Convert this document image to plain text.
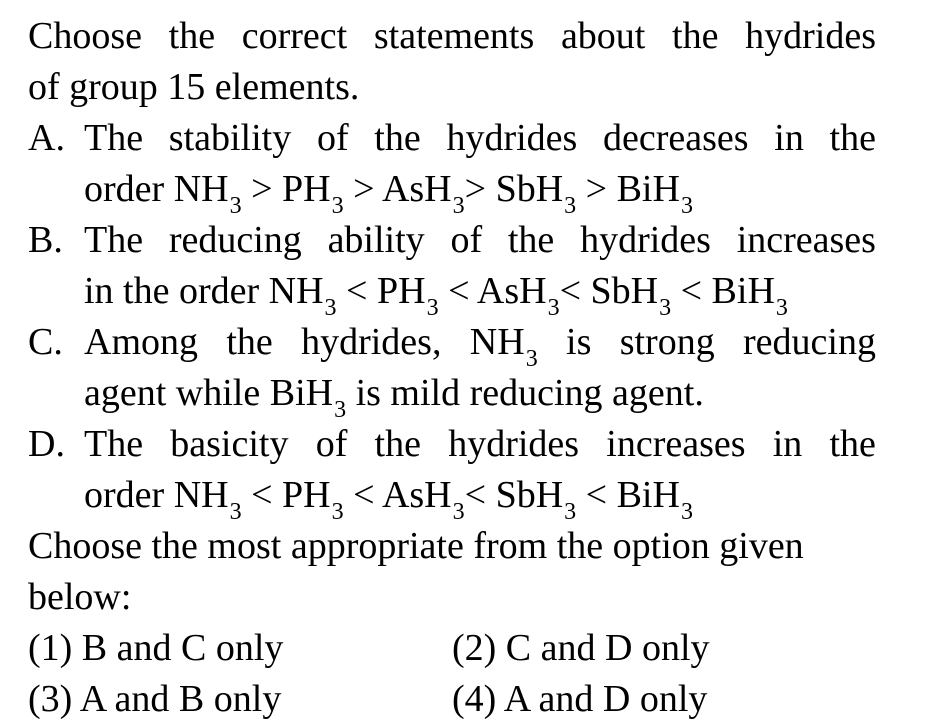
Choose the correct statements about the hydrides
of group 15 elements.
A. The stability of the hydrides decreases in the
order $NH_3 > PH_3 > AsH_3> SbH_3 > BiH_3$
B. The reducing ability of the hydrides increases
in the order $NH_3 < PH_3 < AsH_3< SbH_3 < BiH_3$
C. Among the hydrides, $NH_3$ is strong reducing
agent while BiH$_3$ is mild reducing agent.
D. The basicity of the hydrides increases in the
order $NH_3 < PH_3 < AsH_3< SbH_3 < BiH_3$
Choose the most appropriate from the option given
below:
(1) B and C only	(2) C and D only
(3) A and B only	(4) A and D only
